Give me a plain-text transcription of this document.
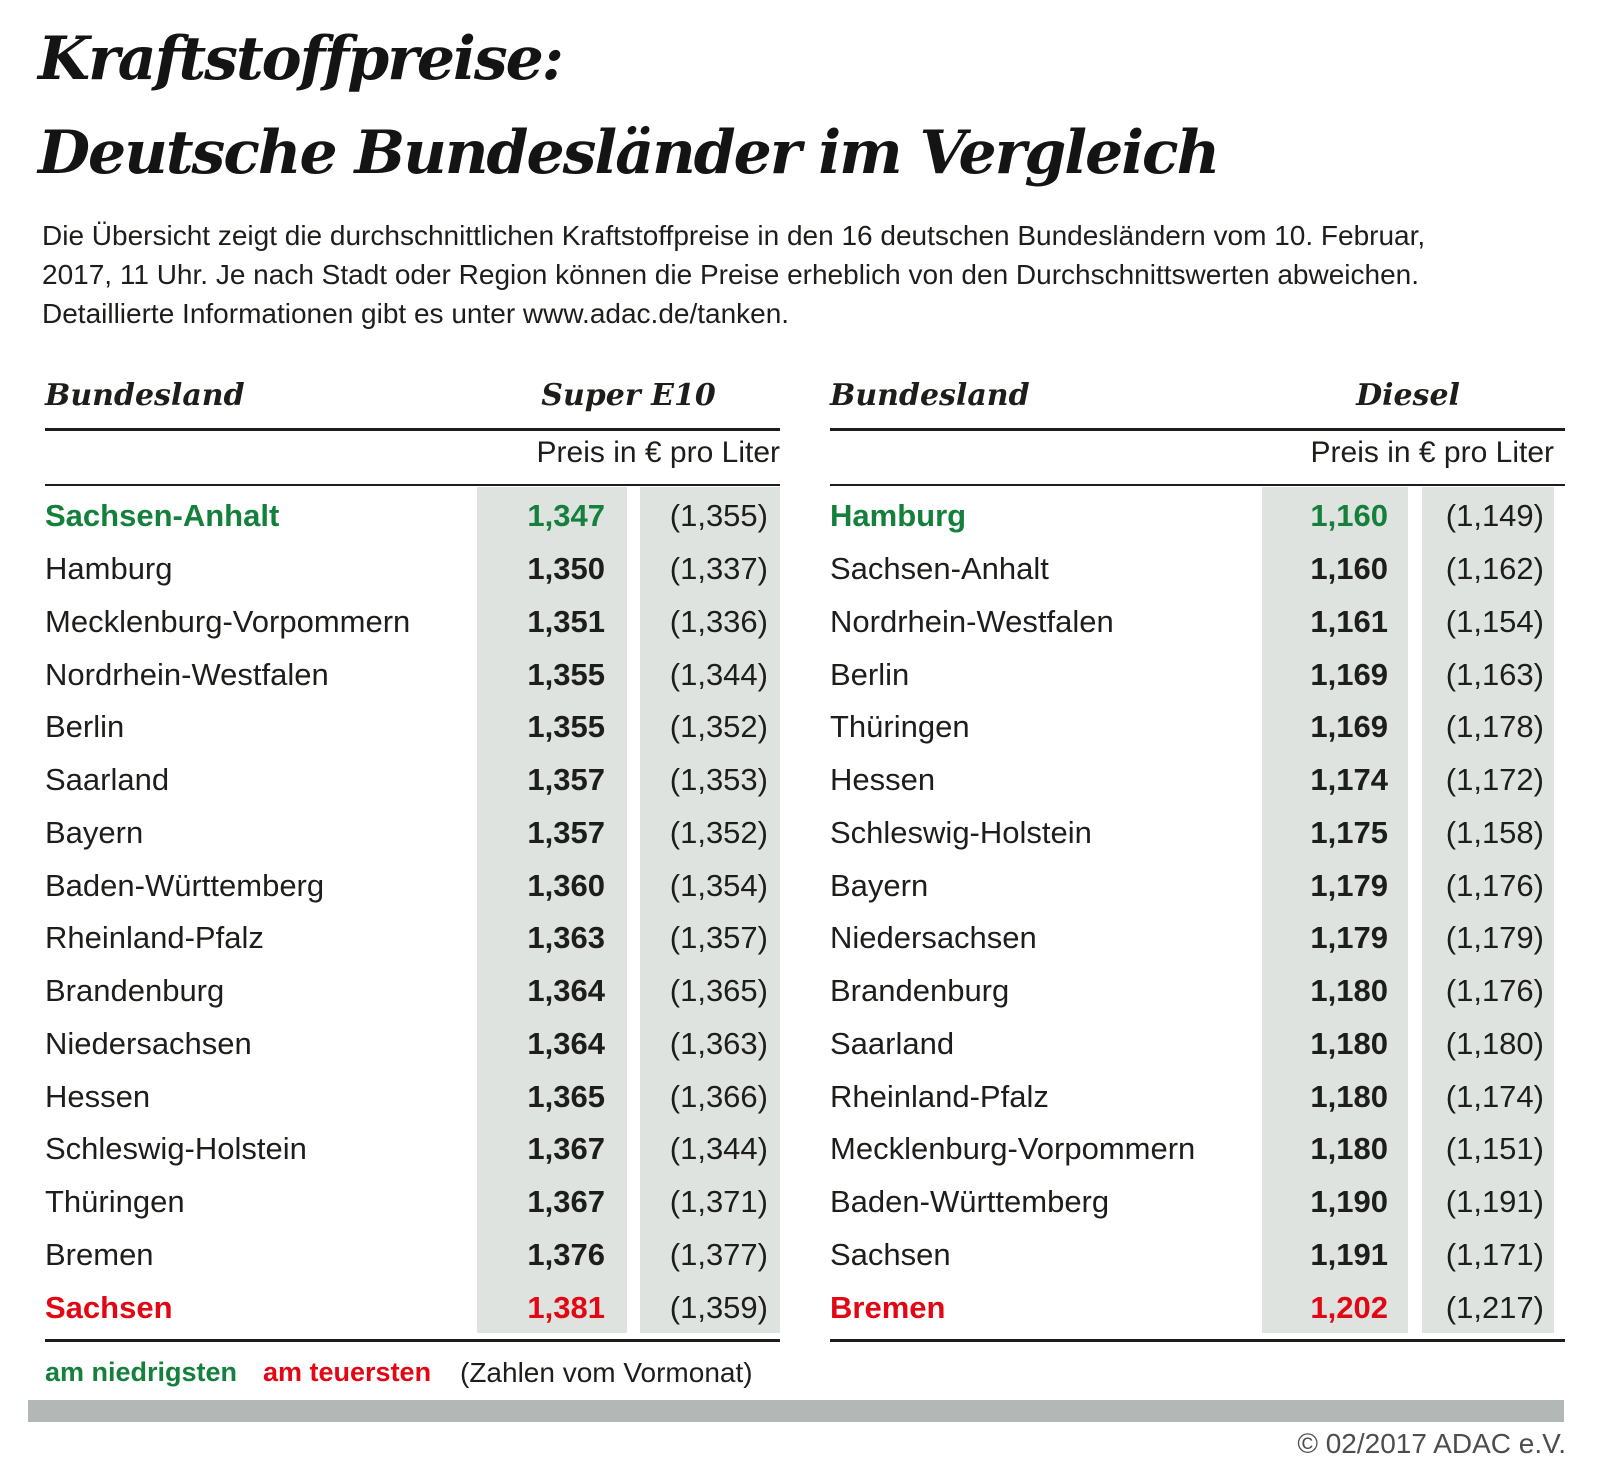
Kraftstoffpreise:
Deutsche Bundesländer im Vergleich
Die Übersicht zeigt die durchschnittlichen Kraftstoffpreise in den 16 deutschen Bundesländern vom 10. Februar,
2017, 11 Uhr. Je nach Stadt oder Region können die Preise erheblich von den Durchschnittswerten abweichen.
Detaillierte Informationen gibt es unter www.adac.de/tanken.
Bundesland	Super E10
Preis in € pro Liter
Sachsen-Anhalt	1,347	(1,355)
Hamburg	1,350	(1,337)
Mecklenburg-Vorpommern	1,351	(1,336)
Nordrhein-Westfalen	1,355	(1,344)
Berlin	1,355	(1,352)
Saarland	1,357	(1,353)
Bayern	1,357	(1,352)
Baden-Württemberg	1,360	(1,354)
Rheinland-Pfalz	1,363	(1,357)
Brandenburg	1,364	(1,365)
Niedersachsen	1,364	(1,363)
Hessen	1,365	(1,366)
Schleswig-Holstein	1,367	(1,344)
Thüringen	1,367	(1,371)
Bremen	1,376	(1,377)
Sachsen	1,381	(1,359)
Bundesland	Diesel
Preis in € pro Liter
Hamburg	1,160	(1,149)
Sachsen-Anhalt	1,160	(1,162)
Nordrhein-Westfalen	1,161	(1,154)
Berlin	1,169	(1,163)
Thüringen	1,169	(1,178)
Hessen	1,174	(1,172)
Schleswig-Holstein	1,175	(1,158)
Bayern	1,179	(1,176)
Niedersachsen	1,179	(1,179)
Brandenburg	1,180	(1,176)
Saarland	1,180	(1,180)
Rheinland-Pfalz	1,180	(1,174)
Mecklenburg-Vorpommern	1,180	(1,151)
Baden-Württemberg	1,190	(1,191)
Sachsen	1,191	(1,171)
Bremen	1,202	(1,217)
am niedrigsten am teuersten (Zahlen vom Vormonat)
© 02/2017 ADAC e.V.
